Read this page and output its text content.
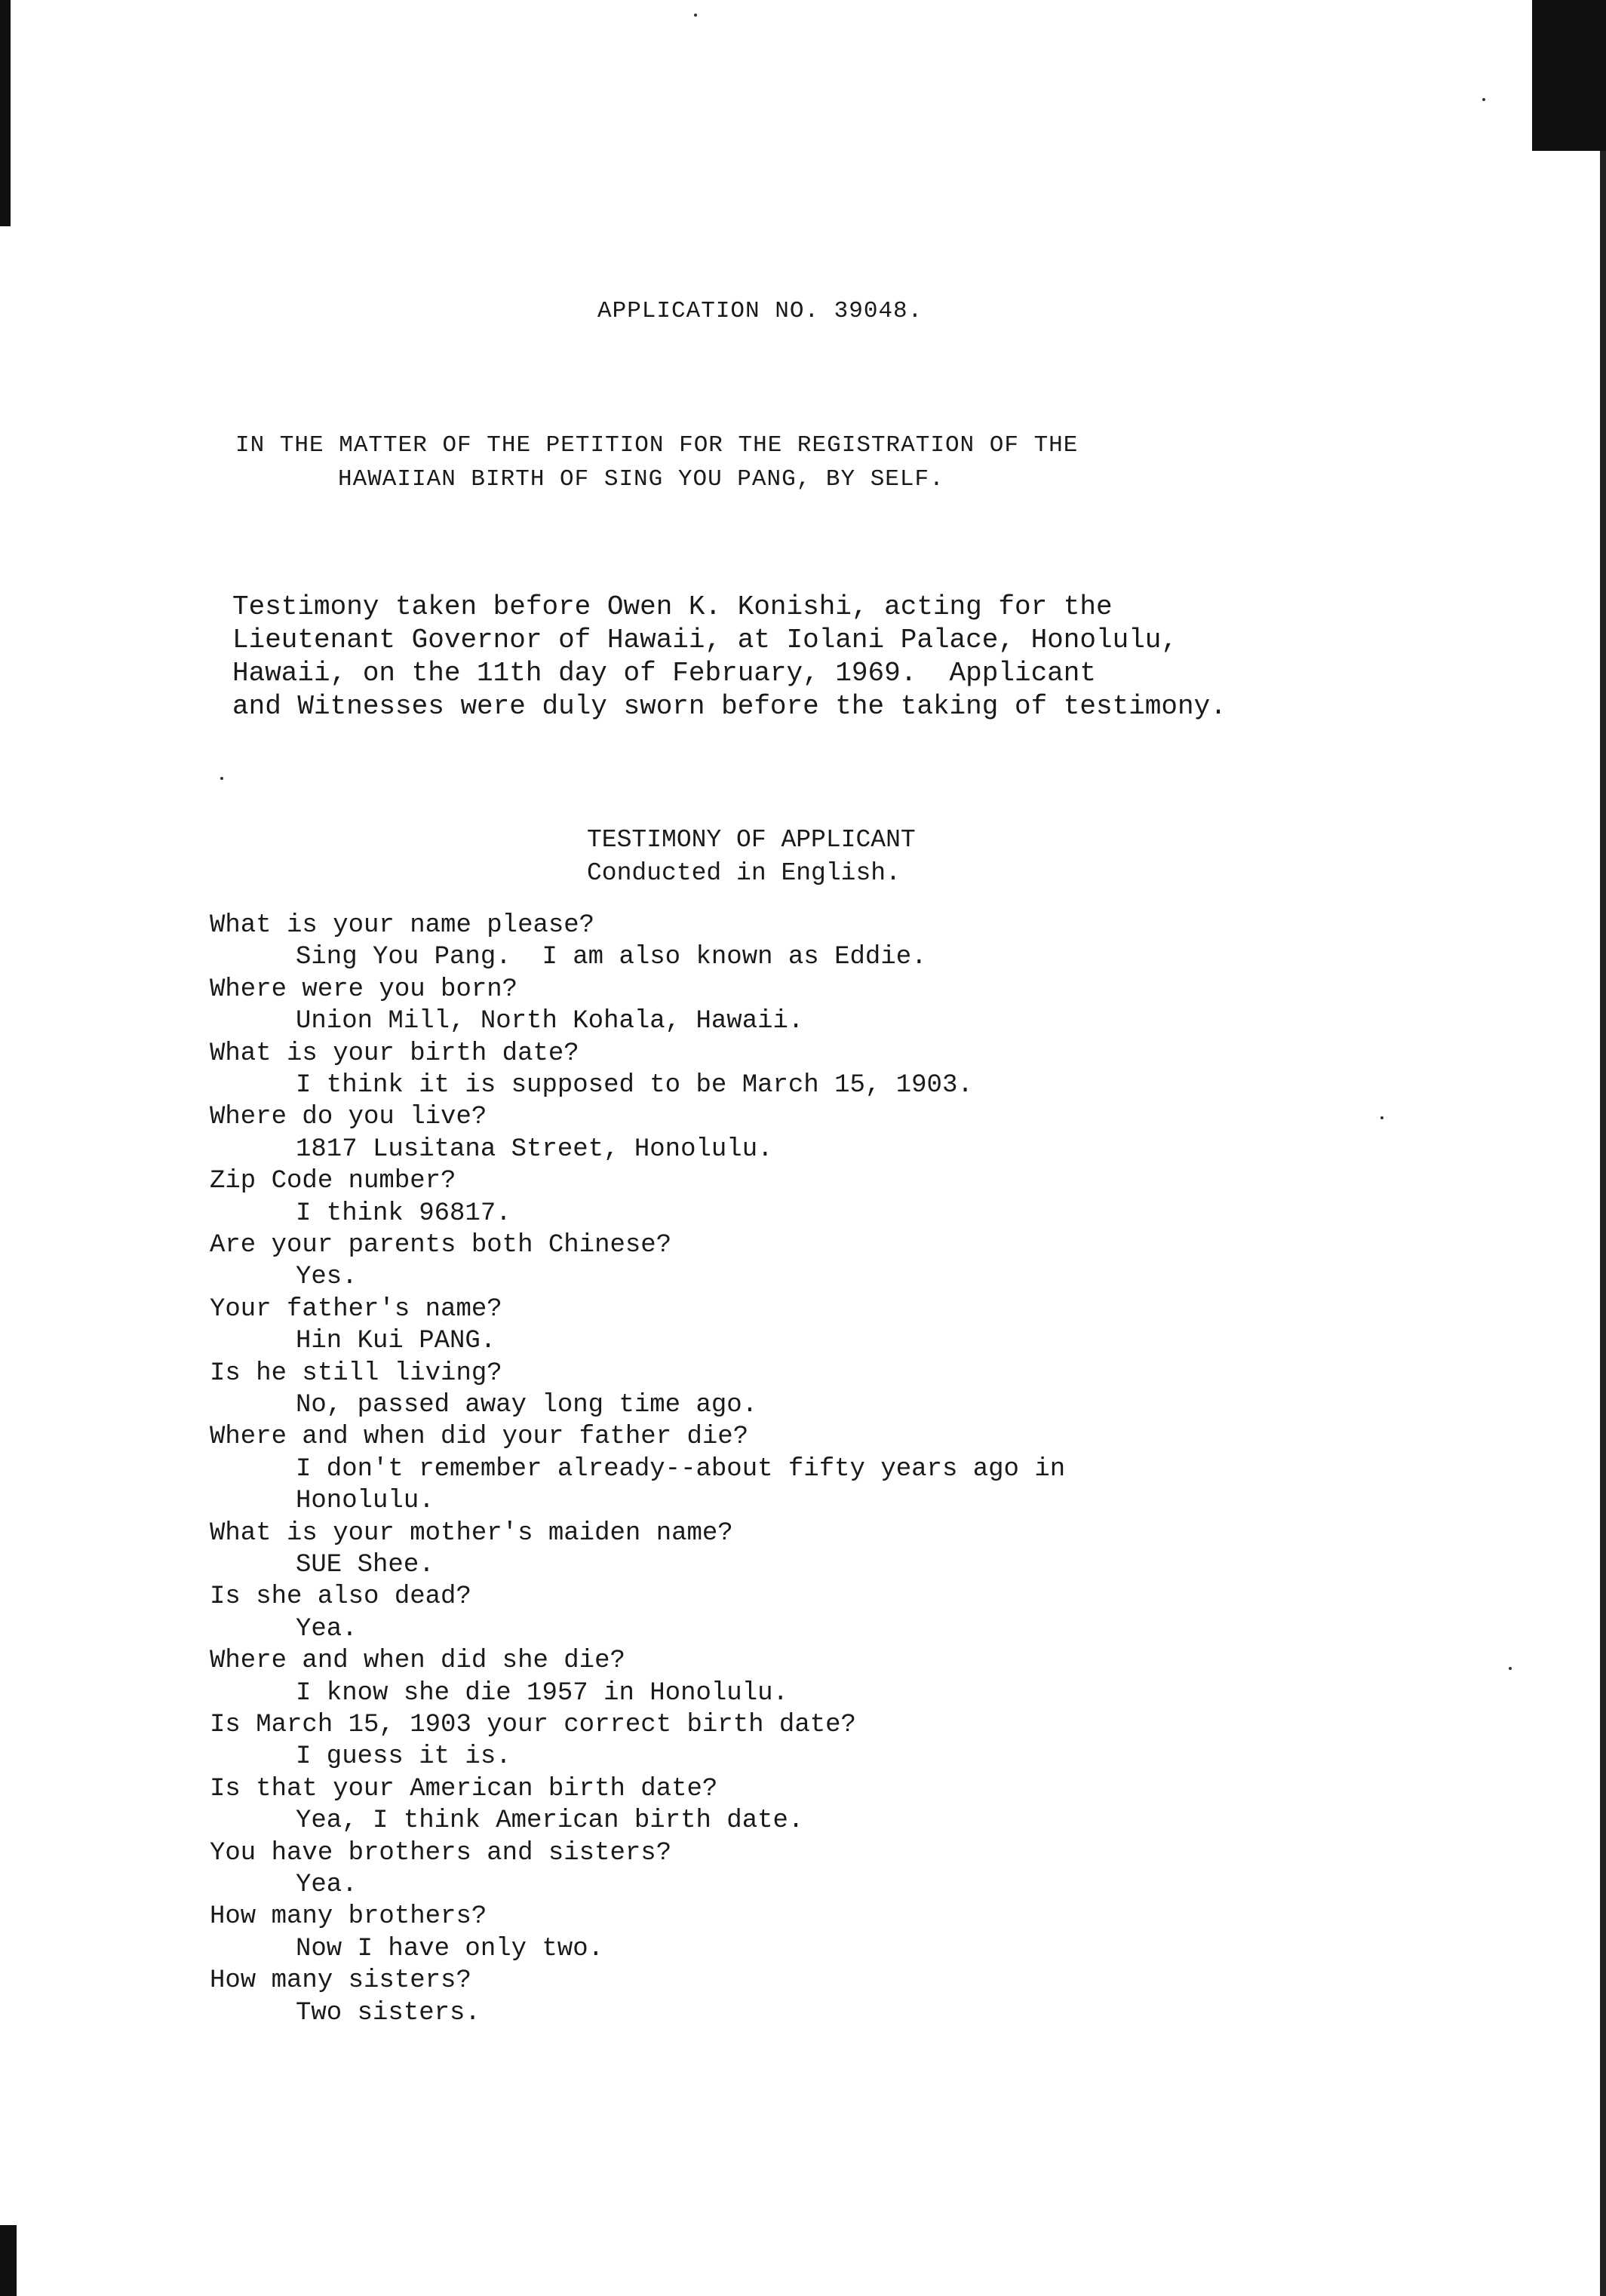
APPLICATION NO. 39048.
IN THE MATTER OF THE PETITION FOR THE REGISTRATION OF THE
HAWAIIAN BIRTH OF SING YOU PANG, BY SELF.
Testimony taken before Owen K. Konishi, acting for the
Lieutenant Governor of Hawaii, at Iolani Palace, Honolulu,
Hawaii, on the 11th day of February, 1969.  Applicant
and Witnesses were duly sworn before the taking of testimony.
TESTIMONY OF APPLICANT
Conducted in English.
What is your name please?
Sing You Pang.  I am also known as Eddie.
Where were you born?
Union Mill, North Kohala, Hawaii.
What is your birth date?
I think it is supposed to be March 15, 1903.
Where do you live?
1817 Lusitana Street, Honolulu.
Zip Code number?
I think 96817.
Are your parents both Chinese?
Yes.
Your father's name?
Hin Kui PANG.
Is he still living?
No, passed away long time ago.
Where and when did your father die?
I don't remember already--about fifty years ago in
Honolulu.
What is your mother's maiden name?
SUE Shee.
Is she also dead?
Yea.
Where and when did she die?
I know she die 1957 in Honolulu.
Is March 15, 1903 your correct birth date?
I guess it is.
Is that your American birth date?
Yea, I think American birth date.
You have brothers and sisters?
Yea.
How many brothers?
Now I have only two.
How many sisters?
Two sisters.
